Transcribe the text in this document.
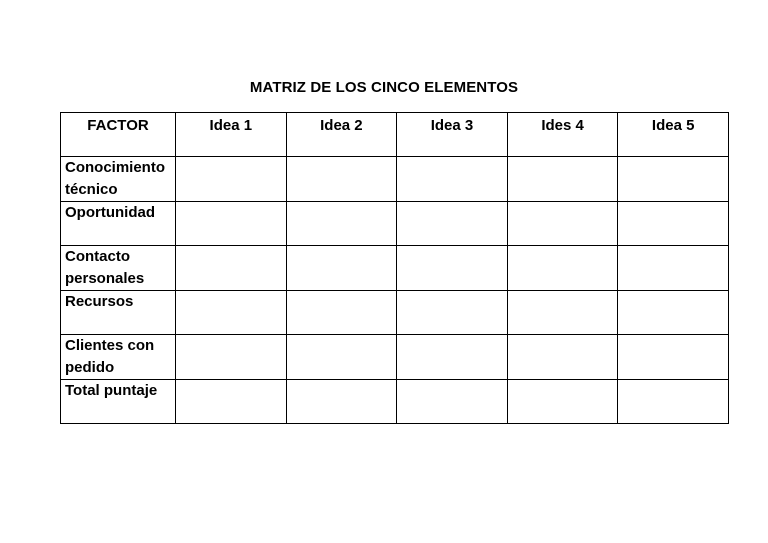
MATRIZ DE LOS CINCO ELEMENTOS
FACTOR	Idea 1	Idea 2	Idea 3	Ides 4	Idea 5
Conocimiento técnico					
Oportunidad					
Contacto personales					
Recursos					
Clientes con pedido					
Total puntaje					
